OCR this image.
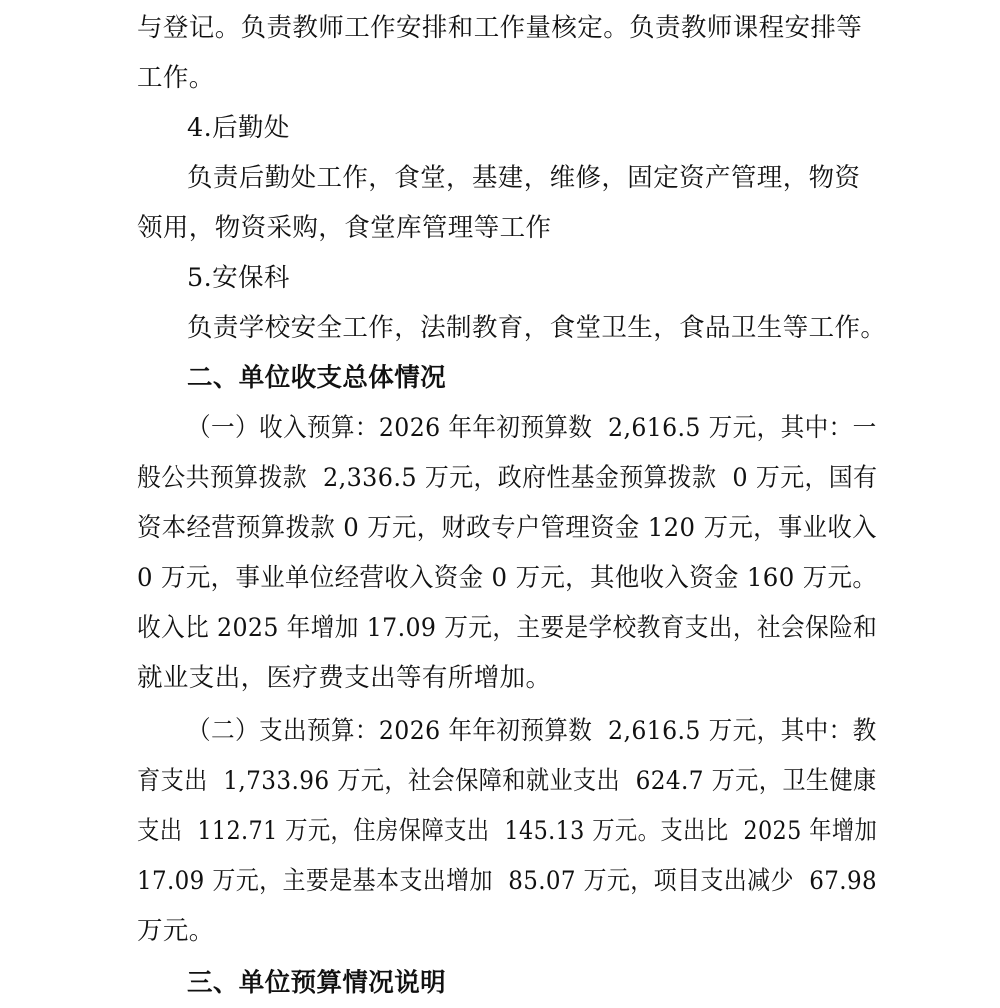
与登记。负责教师工作安排和工作量核定。负责教师课程安排等
工作。
4.后勤处
负责后勤处工作，食堂，基建，维修，固定资产管理，物资
领用，物资采购，食堂库管理等工作
5.安保科
负责学校安全工作，法制教育，食堂卫生，食品卫生等工作。
二、单位收支总体情况
（一）收入预算：2026 年年初预算数  2,616.5 万元，其中：一
般公共预算拨款  2,336.5 万元，政府性基金预算拨款  0 万元，国有
资本经营预算拨款 0 万元，财政专户管理资金 120 万元，事业收入
0 万元，事业单位经营收入资金 0 万元，其他收入资金 160 万元。
收入比 2025 年增加 17.09 万元，主要是学校教育支出，社会保险和
就业支出，医疗费支出等有所增加。
（二）支出预算：2026 年年初预算数  2,616.5 万元，其中：教
育支出  1,733.96 万元，社会保障和就业支出  624.7 万元，卫生健康
支出  112.71 万元，住房保障支出  145.13 万元。支出比  2025 年增加
17.09 万元，主要是基本支出增加  85.07 万元，项目支出减少  67.98
万元。
三、单位预算情况说明
